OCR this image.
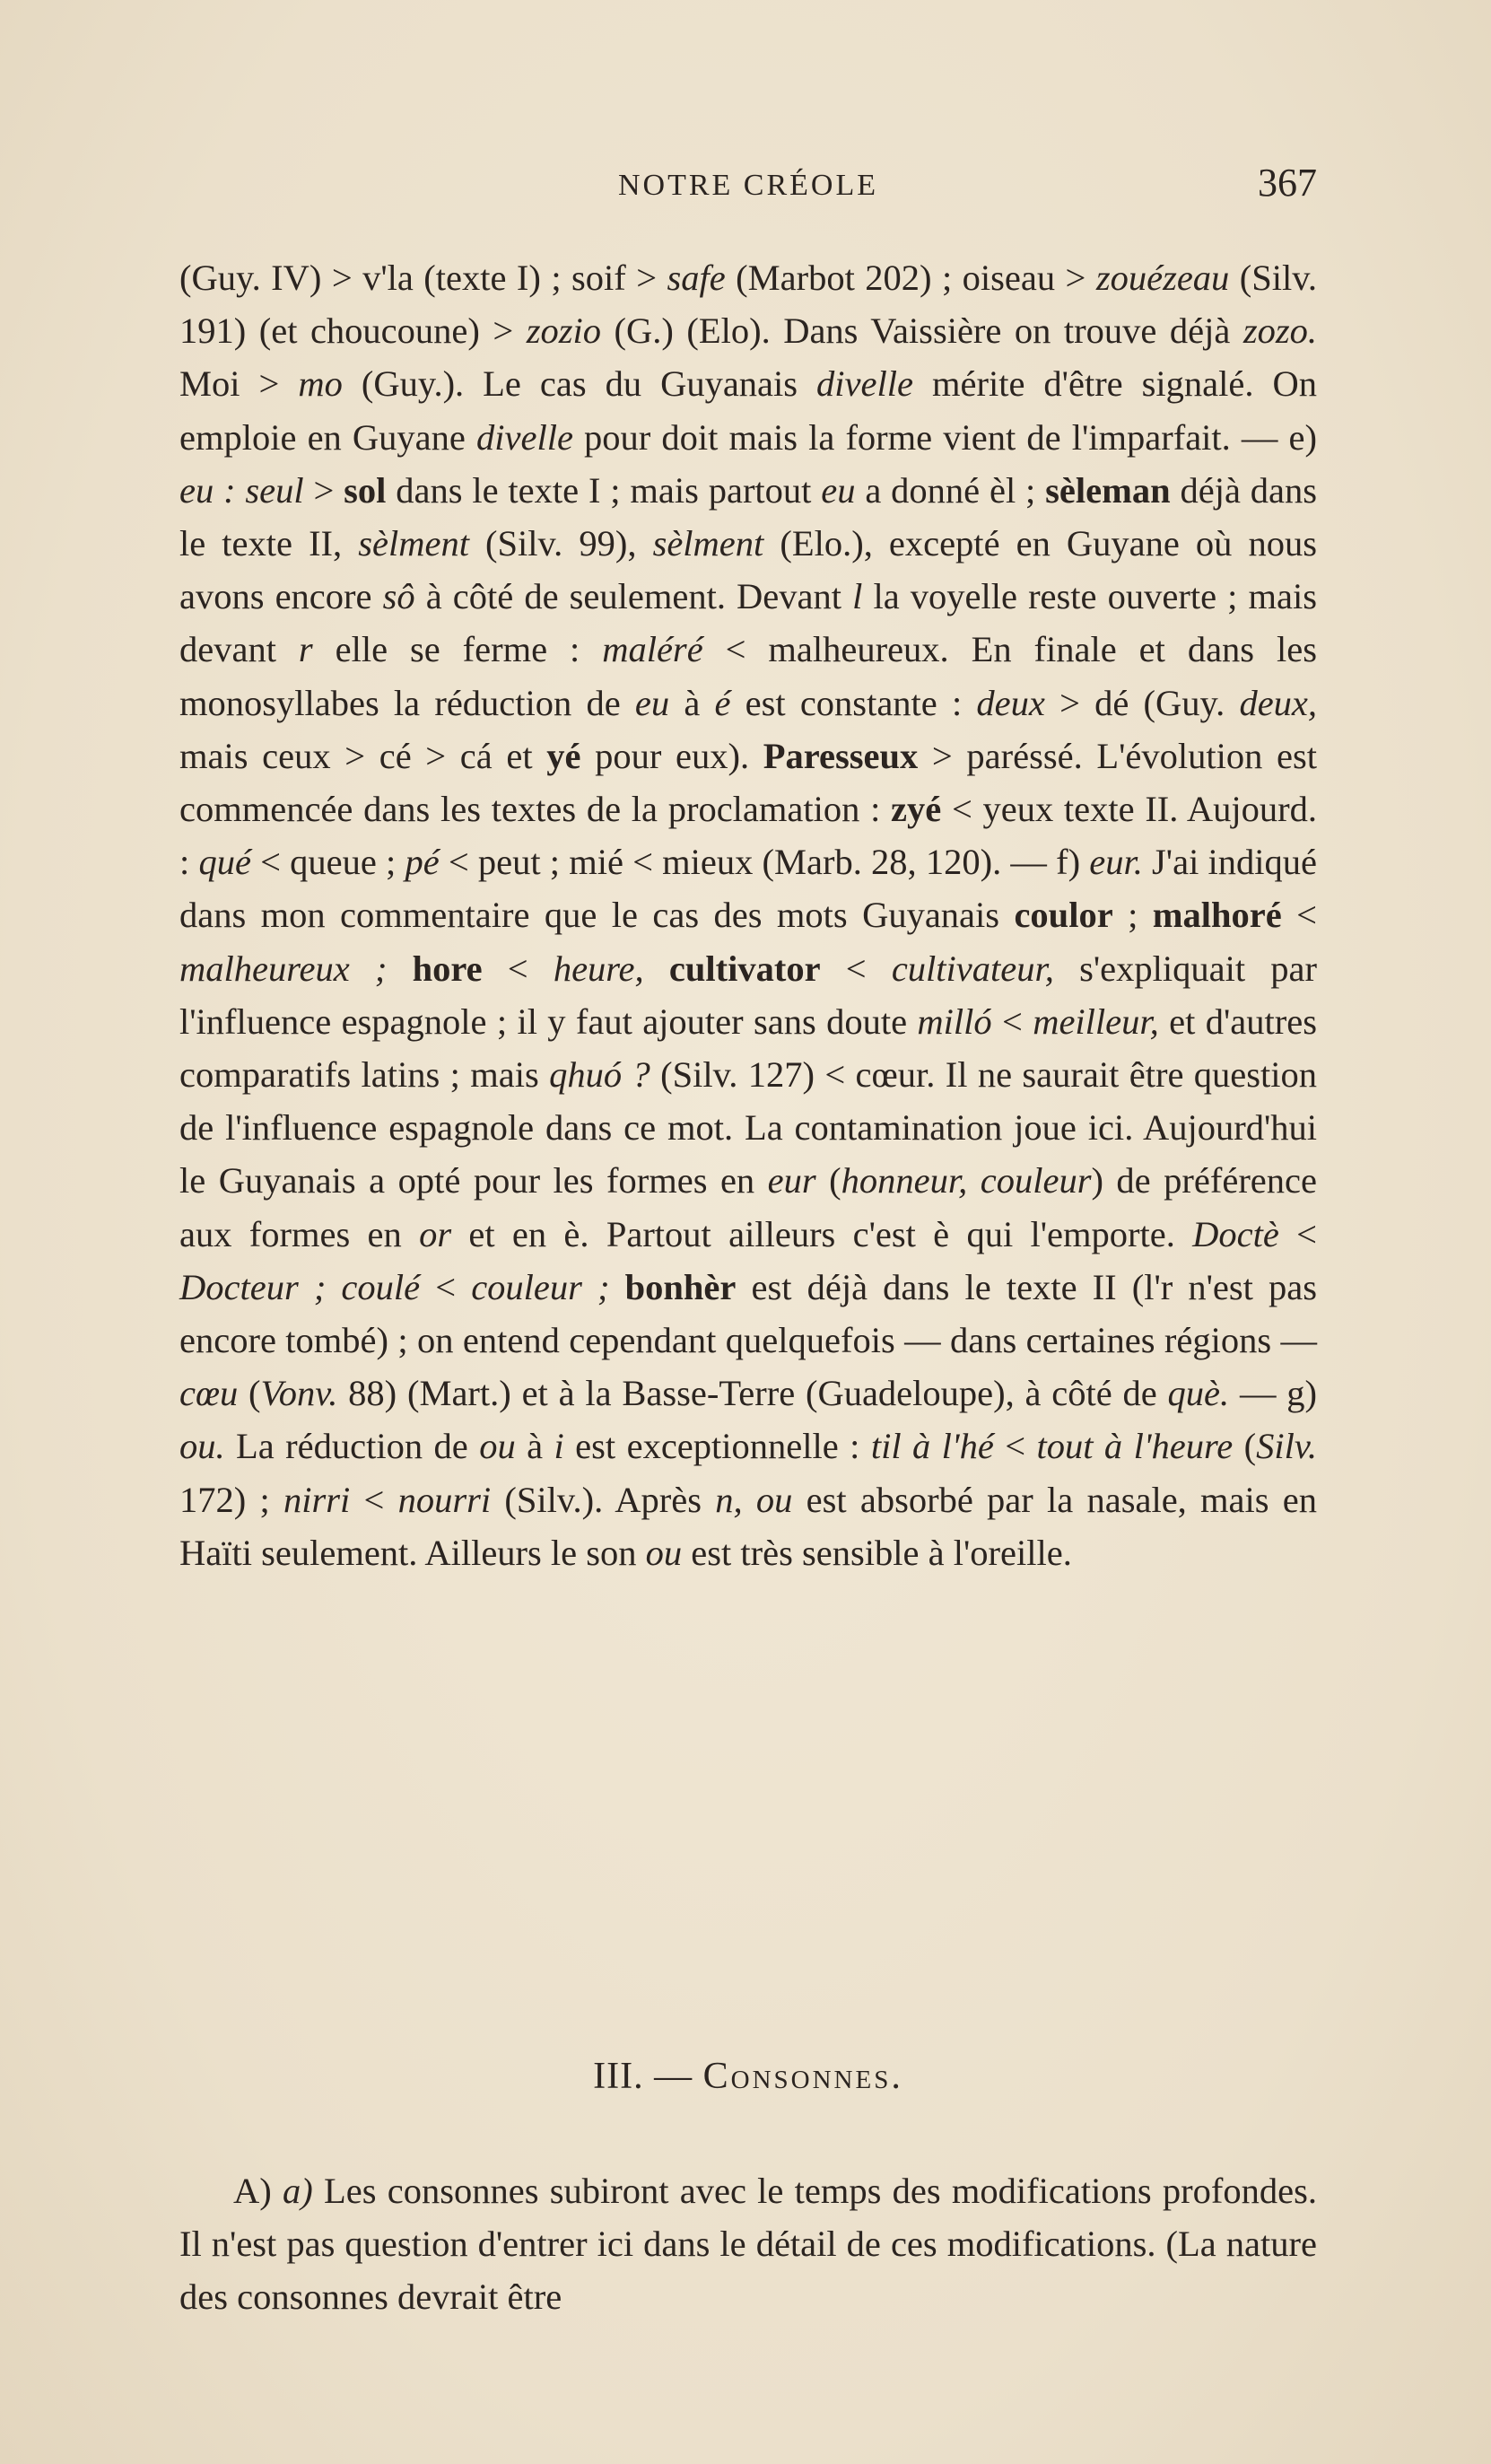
NOTRE CRÉOLE	367

(Guy. IV) > v'la (texte I) ; soif > safe (Marbot 202) ; oiseau > zouézeau (Silv. 191) (et choucoune) > zozio (G.) (Elo). Dans Vaissière on trouve déjà zozo. Moi > mo (Guy.). Le cas du Guyanais divelle mérite d'être signalé. On emploie en Guyane divelle pour doit mais la forme vient de l'imparfait. — e) eu : seul > sol dans le texte I ; mais partout eu a donné èl ; sèleman déjà dans le texte II, sèlment (Silv. 99), sèlment (Elo.), excepté en Guyane où nous avons encore sô à côté de seulement. Devant l la voyelle reste ouverte ; mais devant r elle se ferme : maléré < malheureux. En finale et dans les monosyllabes la réduction de eu à é est constante : deux > dé (Guy. deux, mais ceux > cé > cá et yé pour eux). Paresseux > paréssé. L'évolution est commencée dans les textes de la proclamation : zyé < yeux texte II. Aujourd. : qué < queue ; pé < peut ; mié < mieux (Marb. 28, 120). — f) eur. J'ai indiqué dans mon commentaire que le cas des mots Guyanais coulor ; malhoré < malheureux ; hore < heure, cultivator < cultivateur, s'expliquait par l'influence espagnole ; il y faut ajouter sans doute milló < meilleur, et d'autres comparatifs latins ; mais qhuó ? (Silv. 127) < cœur. Il ne saurait être question de l'influence espagnole dans ce mot. La contamination joue ici. Aujourd'hui le Guyanais a opté pour les formes en eur (honneur, couleur) de préférence aux formes en or et en è. Partout ailleurs c'est è qui l'emporte. Doctè < Docteur ; coulé < couleur ; bonhèr est déjà dans le texte II (l'r n'est pas encore tombé) ; on entend cependant quelquefois — dans certaines régions — cœu (Vonv. 88) (Mart.) et à la Basse-Terre (Guadeloupe), à côté de què. — g) ou. La réduction de ou à i est exceptionnelle : til à l'hé < tout à l'heure (Silv. 172) ; nirri < nourri (Silv.). Après n, ou est absorbé par la nasale, mais en Haïti seulement. Ailleurs le son ou est très sensible à l'oreille.

III. — Consonnes.

A) a) Les consonnes subiront avec le temps des modifications profondes. Il n'est pas question d'entrer ici dans le détail de ces modifications. (La nature des consonnes devrait être
